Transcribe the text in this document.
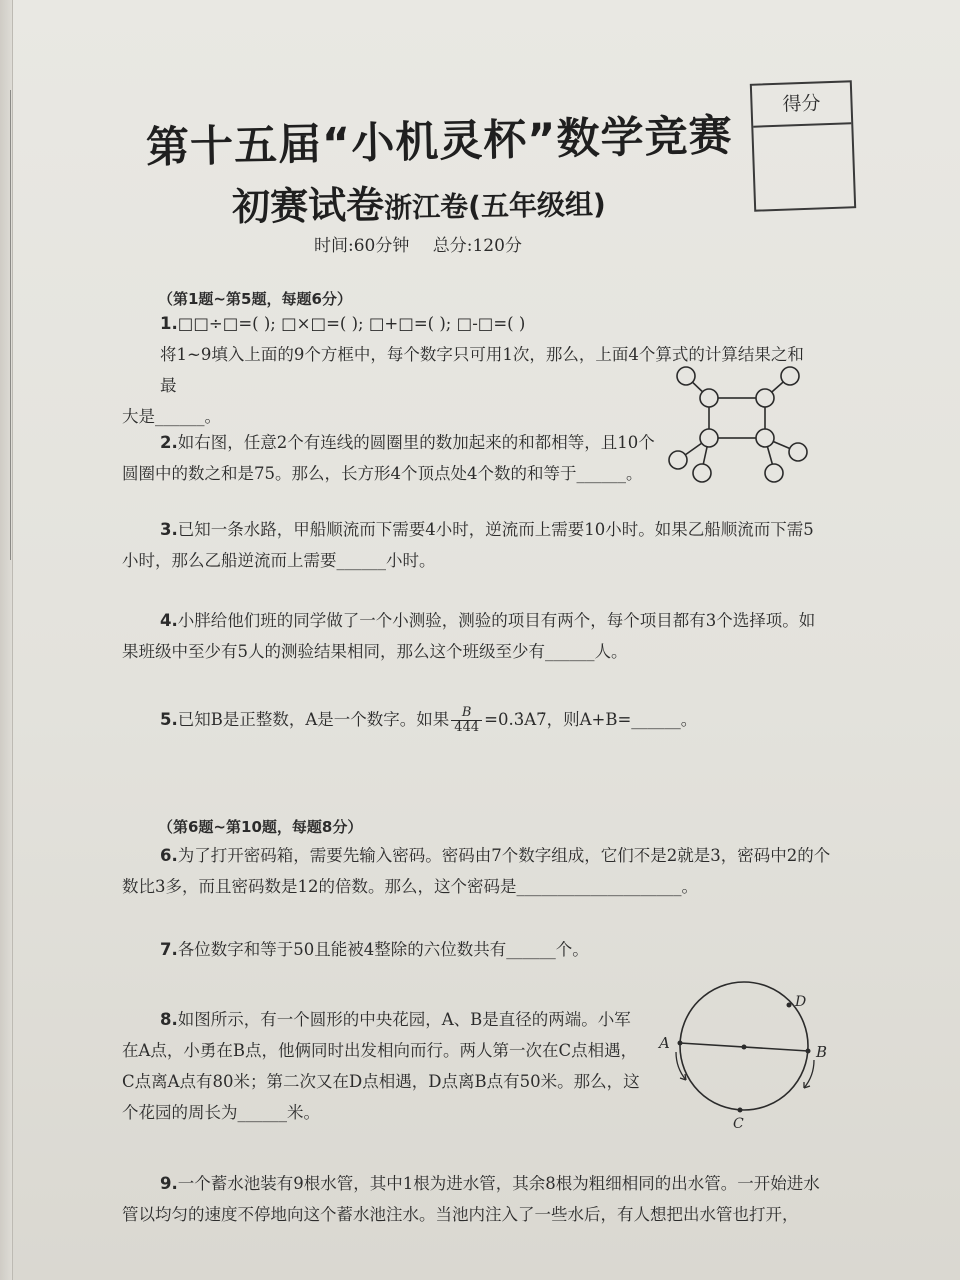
得分
第十五届“小机灵杯”数学竞赛
初赛试卷浙江卷(五年级组)
时间:60分钟 总分:120分
（第1题~第5题，每题6分）
1.□□÷□=( ); □×□=( ); □+□=( ); □-□=( )
将1~9填入上面的9个方框中，每个数字只可用1次，那么，上面4个算式的计算结果之和最
大是______。
2.如右图，任意2个有连线的圆圈里的数加起来的和都相等，且10个
圆圈中的数之和是75。那么，长方形4个顶点处4个数的和等于______。
3.已知一条水路，甲船顺流而下需要4小时，逆流而上需要10小时。如果乙船顺流而下需5
小时，那么乙船逆流而上需要______小时。
4.小胖给他们班的同学做了一个小测验，测验的项目有两个，每个项目都有3个选择项。如
果班级中至少有5人的测验结果相同，那么这个班级至少有______人。
5.已知B是正整数，A是一个数字。如果 $\frac{B}{444}$ =0.3̇A7̇，则A+B=______。
（第6题~第10题，每题8分）
6.为了打开密码箱，需要先输入密码。密码由7个数字组成，它们不是2就是3，密码中2的个
数比3多，而且密码数是12的倍数。那么，这个密码是____________________。
7.各位数字和等于50且能被4整除的六位数共有______个。
8.如图所示，有一个圆形的中央花园，A、B是直径的两端。小军
在A点，小勇在B点，他俩同时出发相向而行。两人第一次在C点相遇，
C点离A点有80米；第二次又在D点相遇，D点离B点有50米。那么，这
个花园的周长为______米。
A	B
C
D
9.一个蓄水池装有9根水管，其中1根为进水管，其余8根为粗细相同的出水管。一开始进水
管以均匀的速度不停地向这个蓄水池注水。当池内注入了一些水后，有人想把出水管也打开，
